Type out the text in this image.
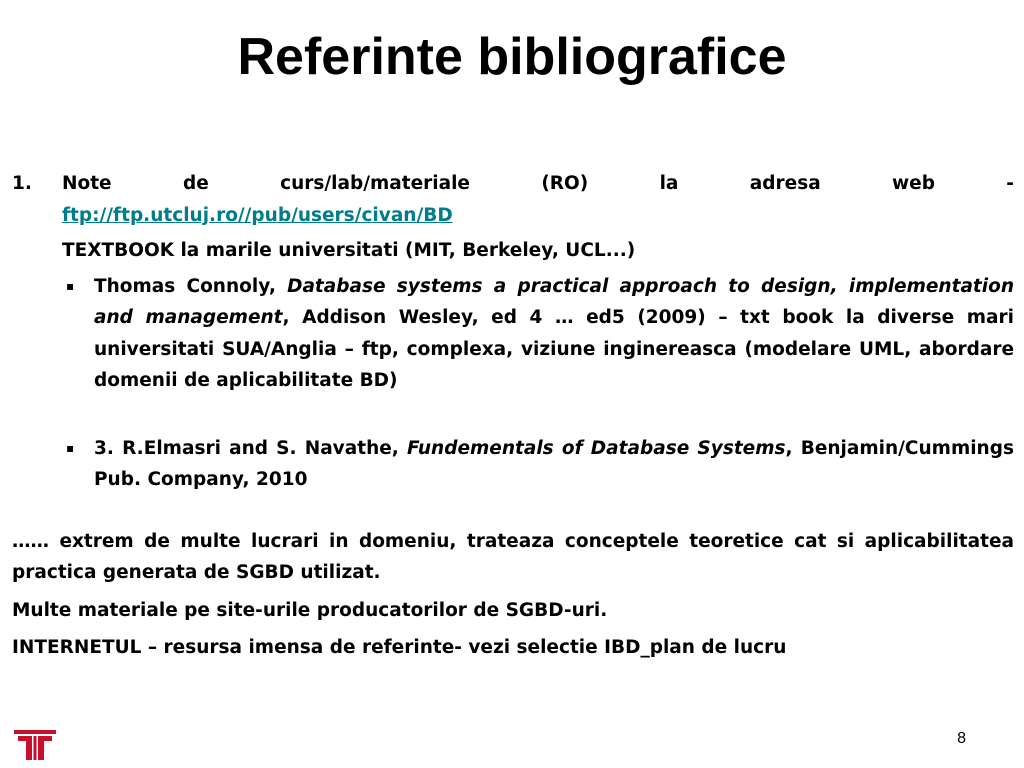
Referinte bibliografice
1. Note de curs/lab/materiale (RO) la adresa web -
ftp://ftp.utcluj.ro//pub/users/civan/BD
TEXTBOOK la marile universitati (MIT, Berkeley, UCL...)
▪ Thomas Connoly, Database systems a practical approach to design, implementation and management, Addison Wesley, ed 4 … ed5 (2009) – txt book la diverse mari universitati SUA/Anglia – ftp, complexa, viziune inginereasca (modelare UML, abordare domenii de aplicabilitate BD)
▪ 3. R.Elmasri and S. Navathe, Fundementals of Database Systems, Benjamin/Cummings Pub. Company, 2010
…… extrem de multe lucrari in domeniu, trateaza conceptele teoretice cat si aplicabilitatea practica generata de SGBD utilizat.
Multe materiale pe site-urile producatorilor de SGBD-uri.
INTERNETUL – resursa imensa de referinte- vezi selectie IBD_plan de lucru
8
